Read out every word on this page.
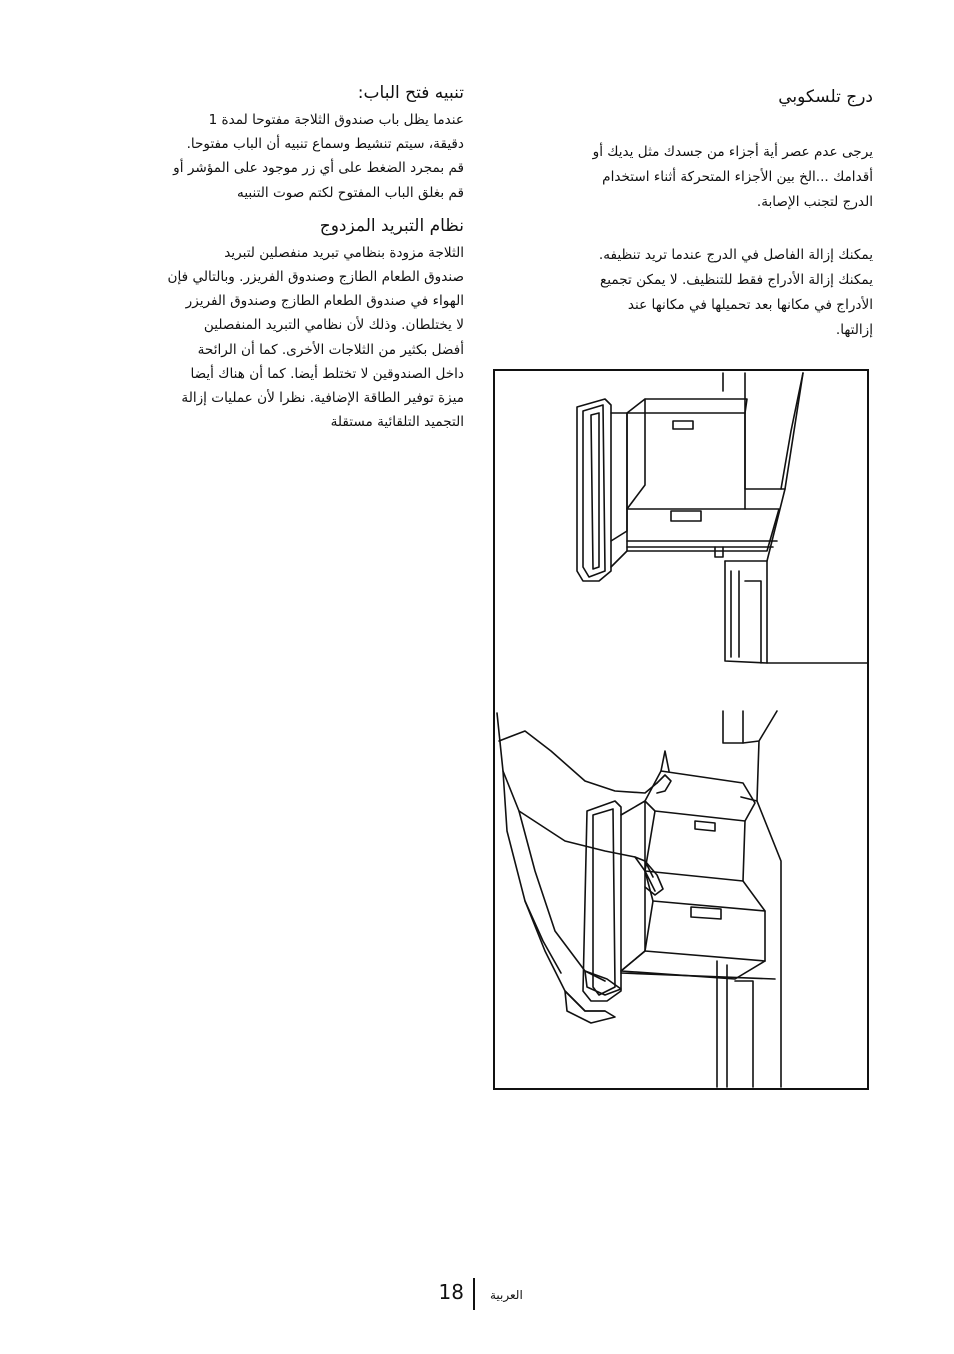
تنبيه فتح الباب:

عندما يظل باب صندوق الثلاجة مفتوحا لمدة 1

دقيقة، سيتم تنشيط وسماع تنبيه أن الباب مفتوحا.

قم بمجرد الضغط على أي زر موجود على المؤشر أو

قم بغلق الباب المفتوح لكتم صوت التنبيه

نظام التبريد المزدوج

الثلاجة مزودة بنظامي تبريد منفصلين لتبريد

صندوق الطعام الطازج وصندوق الفريزر. وبالتالي فإن

الهواء في صندوق الطعام الطازج وصندوق الفريزر

لا يختلطان. وذلك لأن نظامي التبريد المنفصلين

أفضل بكثير من الثلاجات الأخرى. كما أن الرائحة

داخل الصندوقين لا تختلط أيضا. كما أن هناك أيضا

ميزة توفير الطاقة الإضافية. نظرا لأن عمليات إزالة

التجميد التلقائية مستقلة

درج تلسكوبي

يرجى عدم عصر أية أجزاء من جسدك مثل يديك أو

أقدامك ...الخ بين الأجزاء المتحركة أثناء استخدام

الدرج لتجنب الإصابة.

يمكنك إزالة الفاصل في الدرج عندما تريد تنظيفه.

يمكنك إزالة الأدراج فقط للتنظيف. لا يمكن تجميع

الأدراج في مكانها بعد تحميلها في مكانها عند

إزالتها.

18 العربية
